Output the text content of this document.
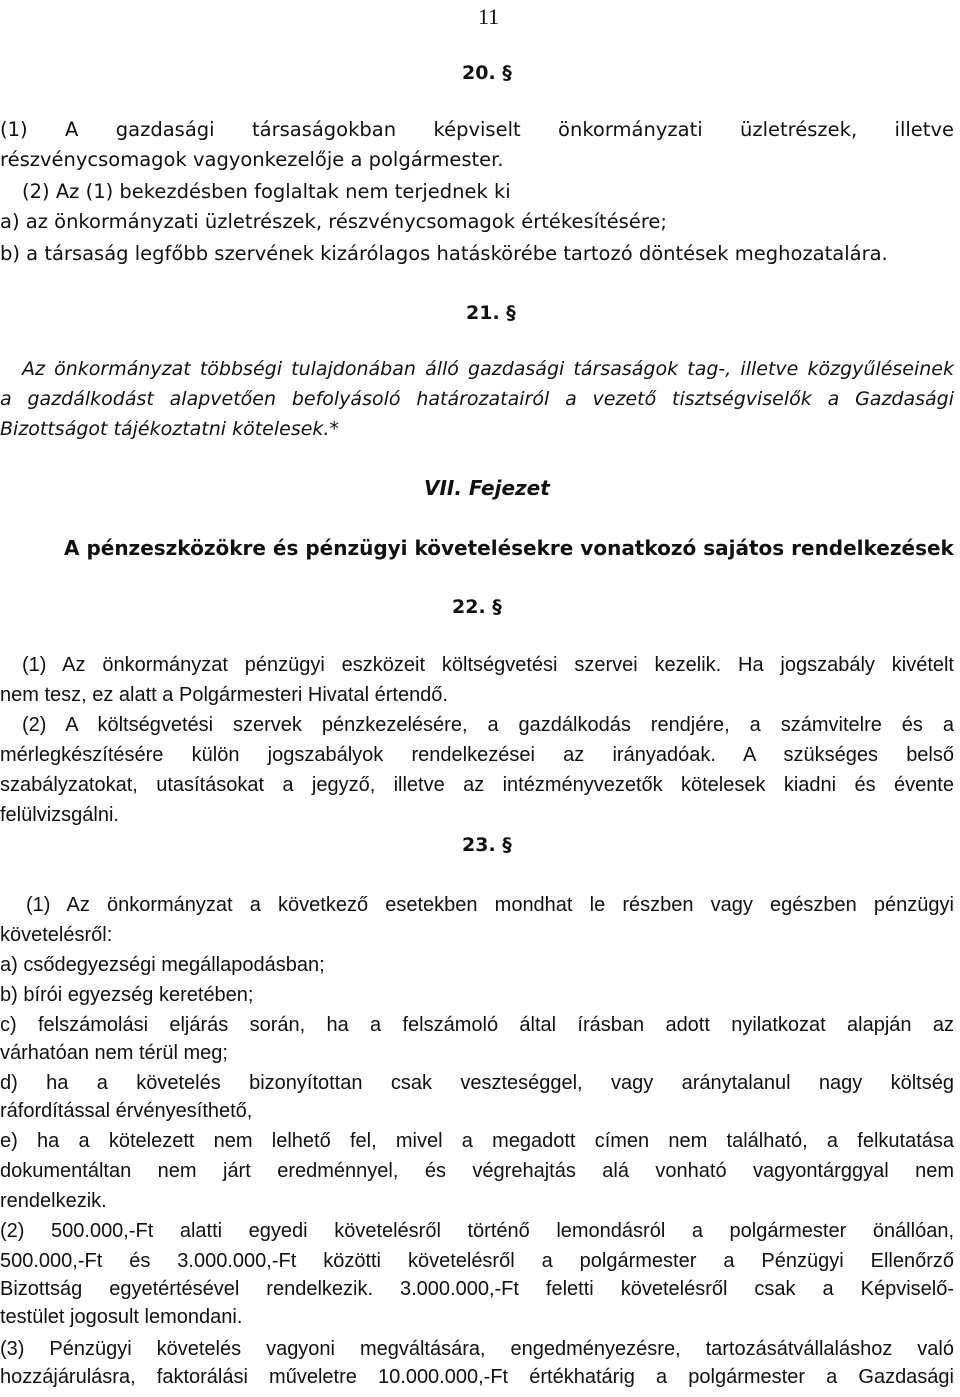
11
20. §
(1) A gazdasági társaságokban képviselt önkormányzati üzletrészek, illetve
részvénycsomagok vagyonkezelője a polgármester.
(2) Az (1) bekezdésben foglaltak nem terjednek ki
a) az önkormányzati üzletrészek, részvénycsomagok értékesítésére;
b) a társaság legfőbb szervének kizárólagos hatáskörébe tartozó döntések meghozatalára.
21. §
Az önkormányzat többségi tulajdonában álló gazdasági társaságok tag-, illetve közgyűléseinek
a gazdálkodást alapvetően befolyásoló határozatairól a vezető tisztségviselők a Gazdasági
Bizottságot tájékoztatni kötelesek.*
VII. Fejezet
A pénzeszközökre és pénzügyi követelésekre vonatkozó sajátos rendelkezések
22. §
(1) Az önkormányzat pénzügyi eszközeit költségvetési szervei kezelik. Ha jogszabály kivételt
nem tesz, ez alatt a Polgármesteri Hivatal értendő.
(2) A költségvetési szervek pénzkezelésére, a gazdálkodás rendjére, a számvitelre és a
mérlegkészítésére külön jogszabályok rendelkezései az irányadóak. A szükséges belső
szabályzatokat, utasításokat a jegyző, illetve az intézményvezetők kötelesek kiadni és évente
felülvizsgálni.
23. §
(1) Az önkormányzat a következő esetekben mondhat le részben vagy egészben pénzügyi
követelésről:
a) csődegyezségi megállapodásban;
b) bírói egyezség keretében;
c) felszámolási eljárás során, ha a felszámoló által írásban adott nyilatkozat alapján az
várhatóan nem térül meg;
d) ha a követelés bizonyítottan csak veszteséggel, vagy aránytalanul nagy költség
ráfordítással érvényesíthető,
e) ha a kötelezett nem lelhető fel, mivel a megadott címen nem található, a felkutatása
dokumentáltan nem járt eredménnyel, és végrehajtás alá vonható vagyontárggyal nem
rendelkezik.
(2) 500.000,-Ft alatti egyedi követelésről történő lemondásról a polgármester önállóan,
500.000,-Ft és 3.000.000,-Ft közötti követelésről a polgármester a Pénzügyi Ellenőrző
Bizottság egyetértésével rendelkezik. 3.000.000,-Ft feletti követelésről csak a Képviselő-
testület jogosult lemondani.
(3) Pénzügyi követelés vagyoni megváltására, engedményezésre, tartozásátvállaláshoz való
hozzájárulásra, faktorálási műveletre 10.000.000,-Ft értékhatárig a polgármester a Gazdasági
